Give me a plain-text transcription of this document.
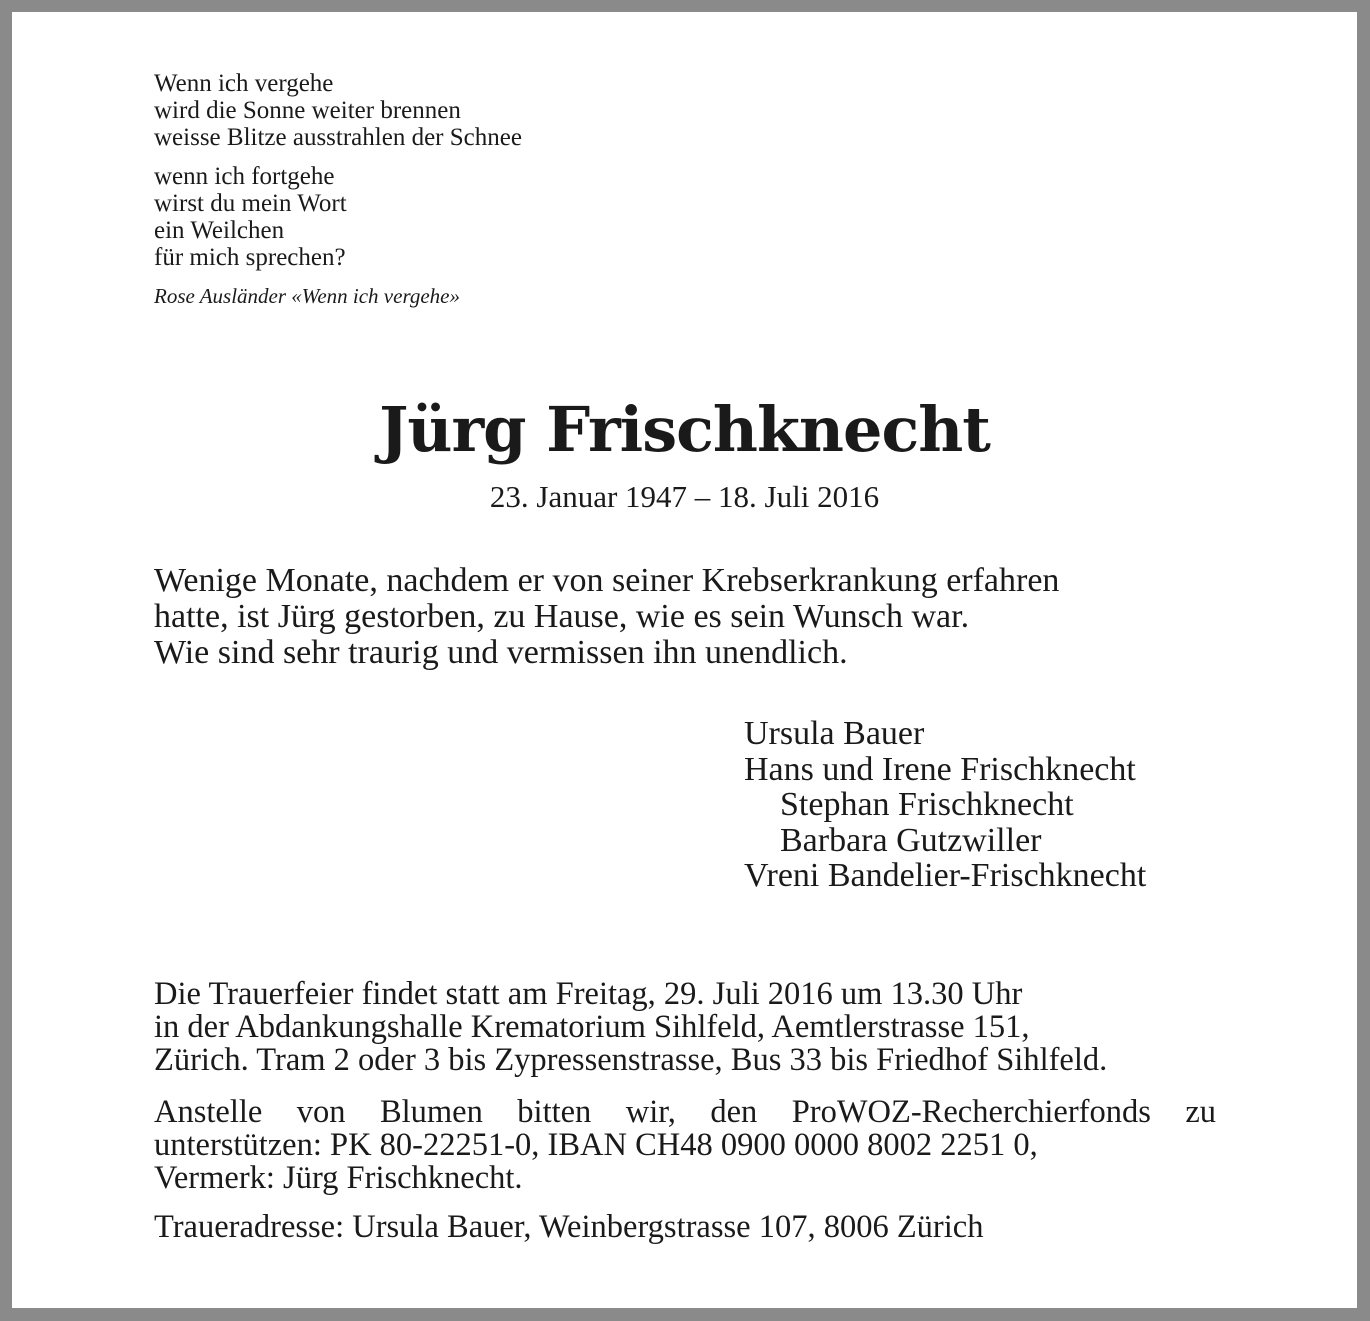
Wenn ich vergehe
wird die Sonne weiter brennen
weisse Blitze ausstrahlen der Schnee
wenn ich fortgehe
wirst du mein Wort
ein Weilchen
für mich sprechen?
Rose Ausländer «Wenn ich vergehe»
Jürg Frischknecht
23. Januar 1947 – 18. Juli 2016
Wenige Monate, nachdem er von seiner Krebserkrankung erfahren
hatte, ist Jürg gestorben, zu Hause, wie es sein Wunsch war.
Wie sind sehr traurig und vermissen ihn unendlich.
Ursula Bauer
Hans und Irene Frischknecht
Stephan Frischknecht
Barbara Gutzwiller
Vreni Bandelier-Frischknecht
Die Trauerfeier findet statt am Freitag, 29. Juli 2016 um 13.30 Uhr
in der Abdankungshalle Krematorium Sihlfeld, Aemtlerstrasse 151,
Zürich. Tram 2 oder 3 bis Zypressenstrasse, Bus 33 bis Friedhof Sihlfeld.
Anstelle von Blumen bitten wir, den ProWOZ-Recherchierfonds zu
unterstützen: PK 80-22251-0, IBAN CH48 0900 0000 8002 2251 0,
Vermerk: Jürg Frischknecht.
Traueradresse: Ursula Bauer, Weinbergstrasse 107, 8006 Zürich
